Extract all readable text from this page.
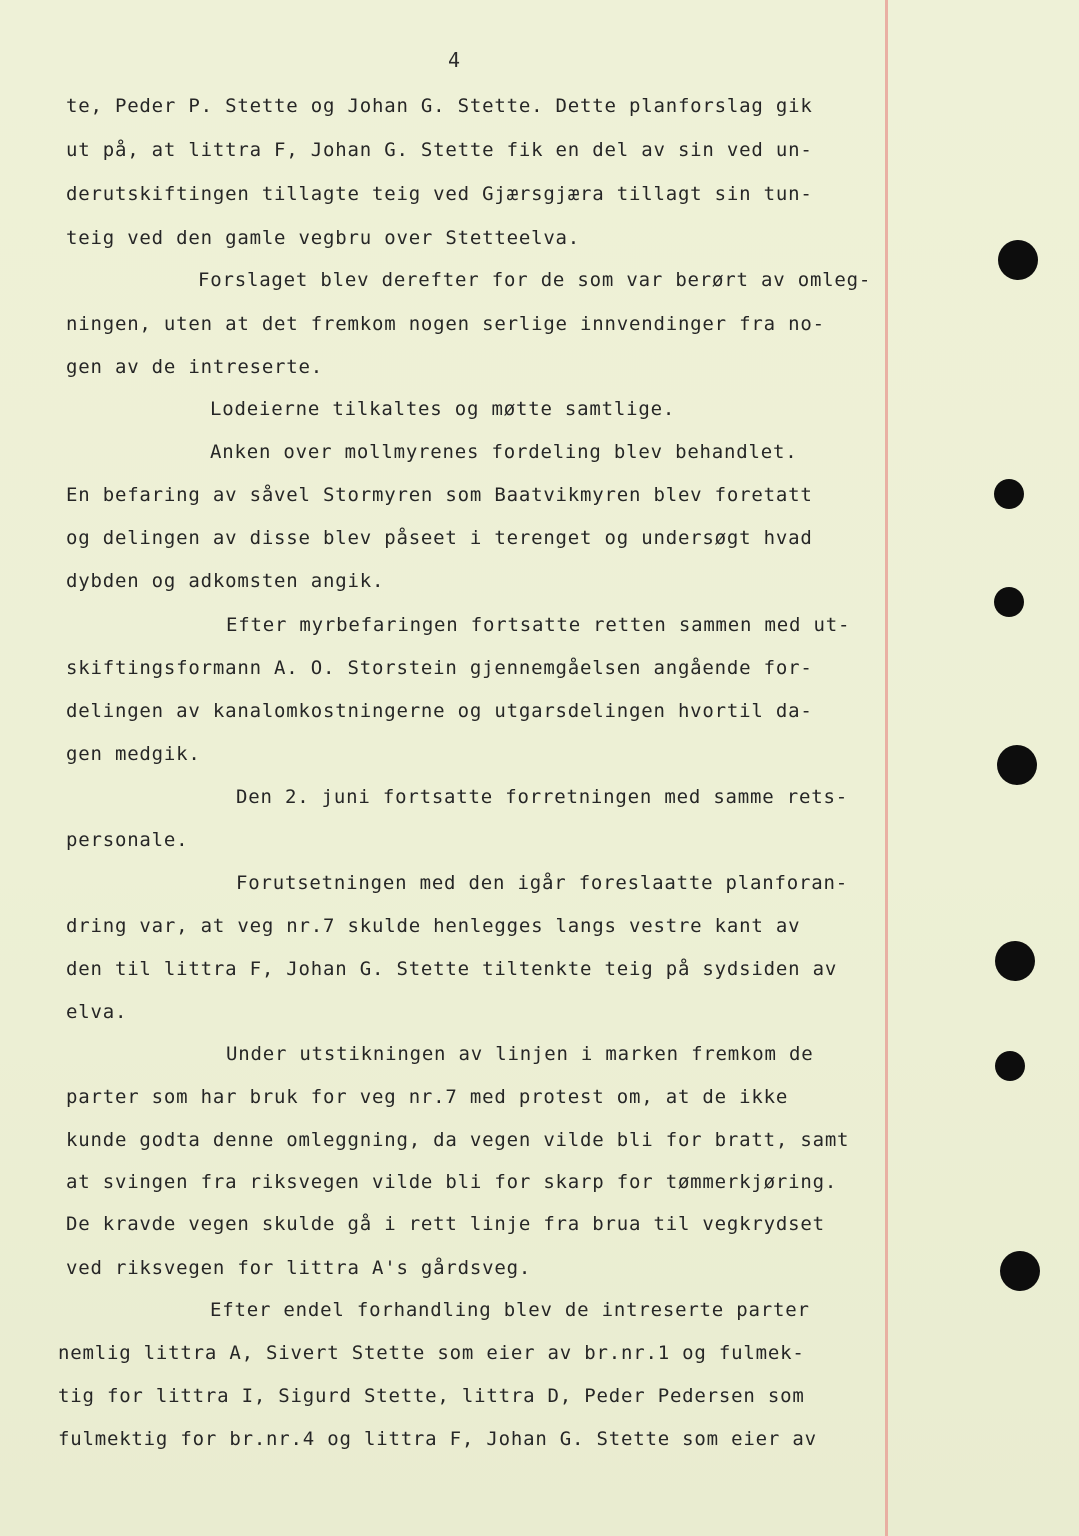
4
te, Peder P. Stette og Johan G. Stette. Dette planforslag gik
ut på, at littra F, Johan G. Stette fik en del av sin ved un-
derutskiftingen tillagte teig ved Gjærsgjæra tillagt sin tun-
teig ved den gamle vegbru over Stetteelva.
Forslaget blev derefter for de som var berørt av omleg-
ningen, uten at det fremkom nogen serlige innvendinger fra no-
gen av de intreserte.
Lodeierne tilkaltes og møtte samtlige.
Anken over mollmyrenes fordeling blev behandlet.
En befaring av såvel Stormyren som Baatvikmyren blev foretatt
og delingen av disse blev påseet i terenget og undersøgt hvad
dybden og adkomsten angik.
Efter myrbefaringen fortsatte retten sammen med ut-
skiftingsformann A. O. Storstein gjennemgåelsen angående for-
delingen av kanalomkostningerne og utgarsdelingen hvortil da-
gen medgik.
Den 2. juni fortsatte forretningen med samme rets-
personale.
Forutsetningen med den igår foreslaatte planforan-
dring var, at veg nr.7 skulde henlegges langs vestre kant av
den til littra F, Johan G. Stette tiltenkte teig på sydsiden av
elva.
Under utstikningen av linjen i marken fremkom de
parter som har bruk for veg nr.7 med protest om, at de ikke
kunde godta denne omleggning, da vegen vilde bli for bratt, samt
at svingen fra riksvegen vilde bli for skarp for tømmerkjøring.
De kravde vegen skulde gå i rett linje fra brua til vegkrydset
ved riksvegen for littra A's gårdsveg.
Efter endel forhandling blev de intreserte parter
nemlig littra A, Sivert Stette som eier av br.nr.1 og fulmek-
tig for littra I, Sigurd Stette, littra D, Peder Pedersen som
fulmektig for br.nr.4 og littra F, Johan G. Stette som eier av
